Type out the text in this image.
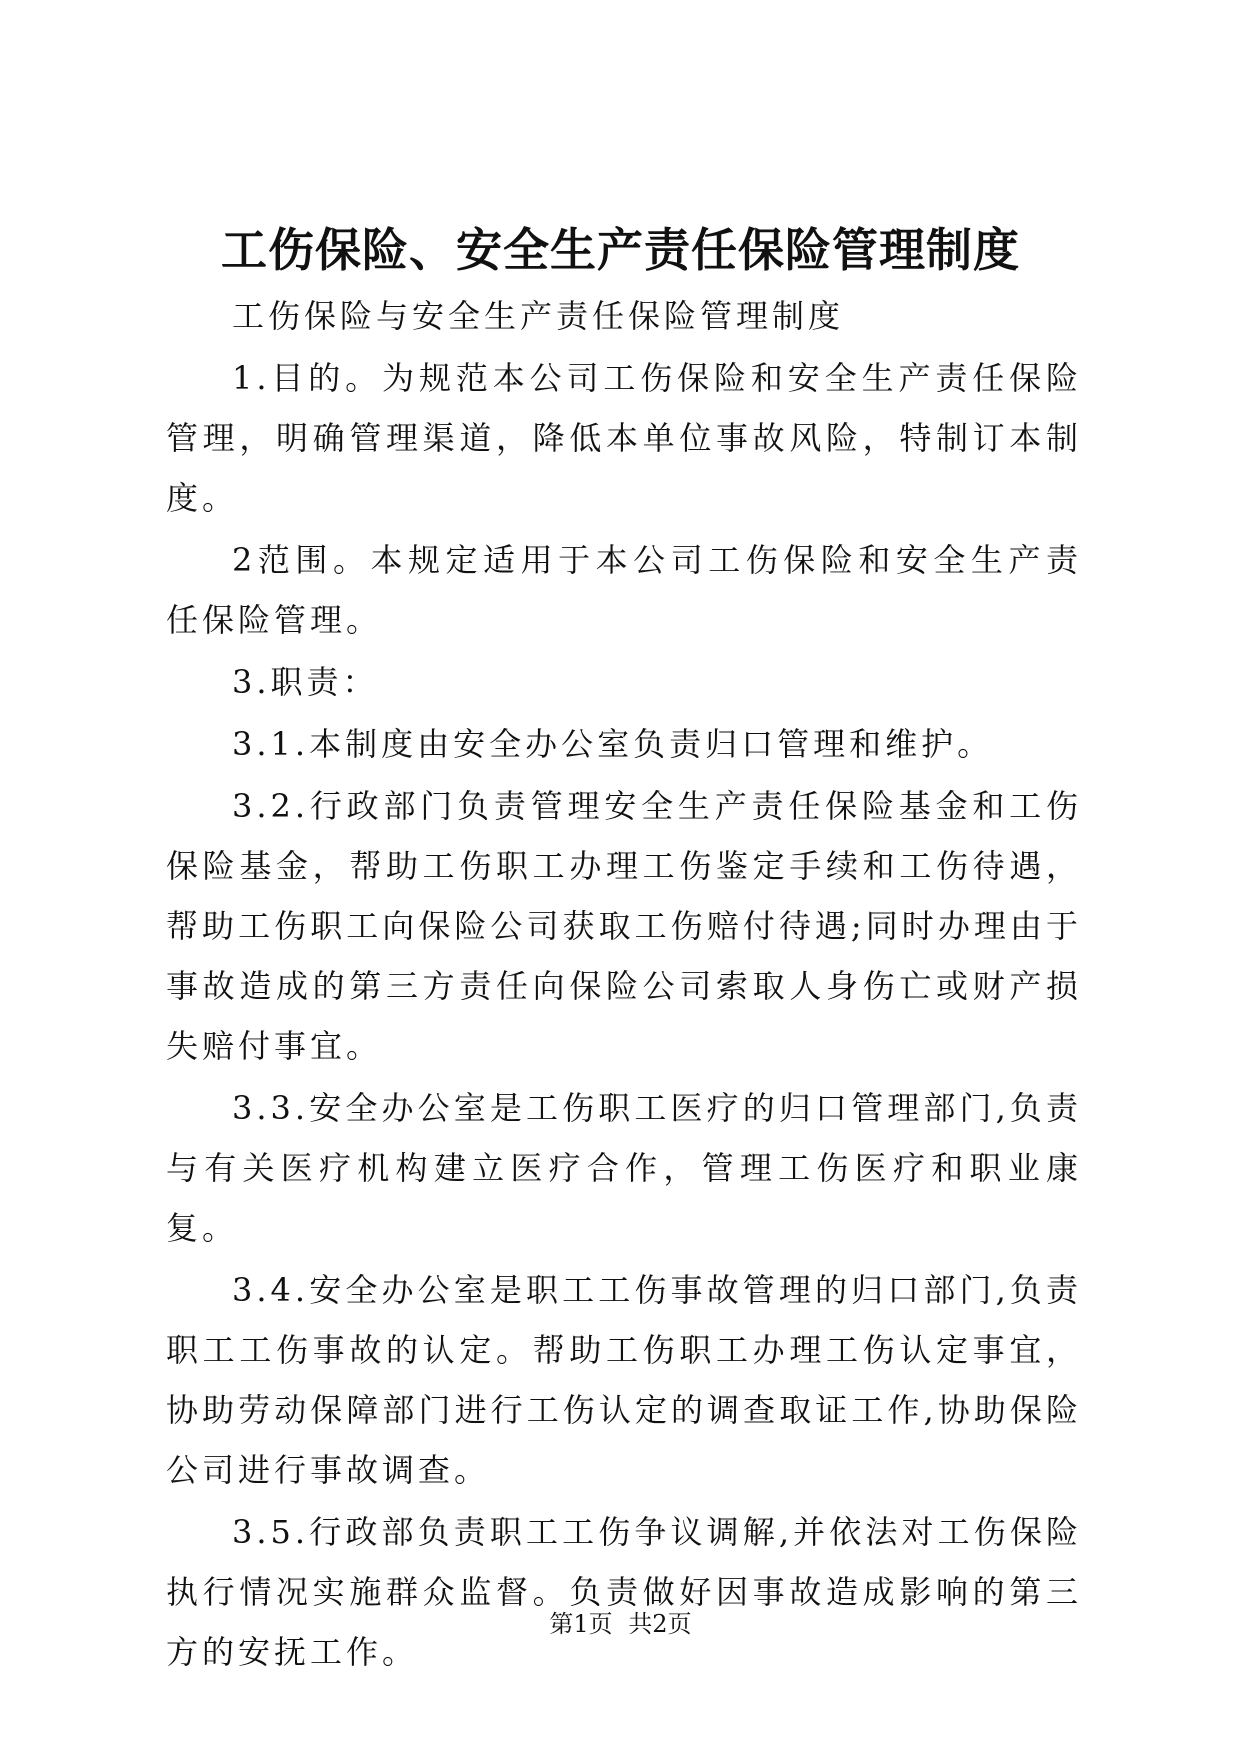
工伤保险、安全生产责任保险管理制度

工伤保险与安全生产责任保险管理制度

1.目的。为规范本公司工伤保险和安全生产责任保险管理，明确管理渠道，降低本单位事故风险，特制订本制度。

2范围。本规定适用于本公司工伤保险和安全生产责任保险管理。

3.职责：

3.1.本制度由安全办公室负责归口管理和维护。

3.2.行政部门负责管理安全生产责任保险基金和工伤保险基金，帮助工伤职工办理工伤鉴定手续和工伤待遇，帮助工伤职工向保险公司获取工伤赔付待遇;同时办理由于事故造成的第三方责任向保险公司索取人身伤亡或财产损失赔付事宜。

3.3.安全办公室是工伤职工医疗的归口管理部门,负责与有关医疗机构建立医疗合作，管理工伤医疗和职业康复。

3.4.安全办公室是职工工伤事故管理的归口部门,负责职工工伤事故的认定。帮助工伤职工办理工伤认定事宜，协助劳动保障部门进行工伤认定的调查取证工作,协助保险公司进行事故调查。

3.5.行政部负责职工工伤争议调解,并依法对工伤保险执行情况实施群众监督。负责做好因事故造成影响的第三方的安抚工作。

第1页 共2页
